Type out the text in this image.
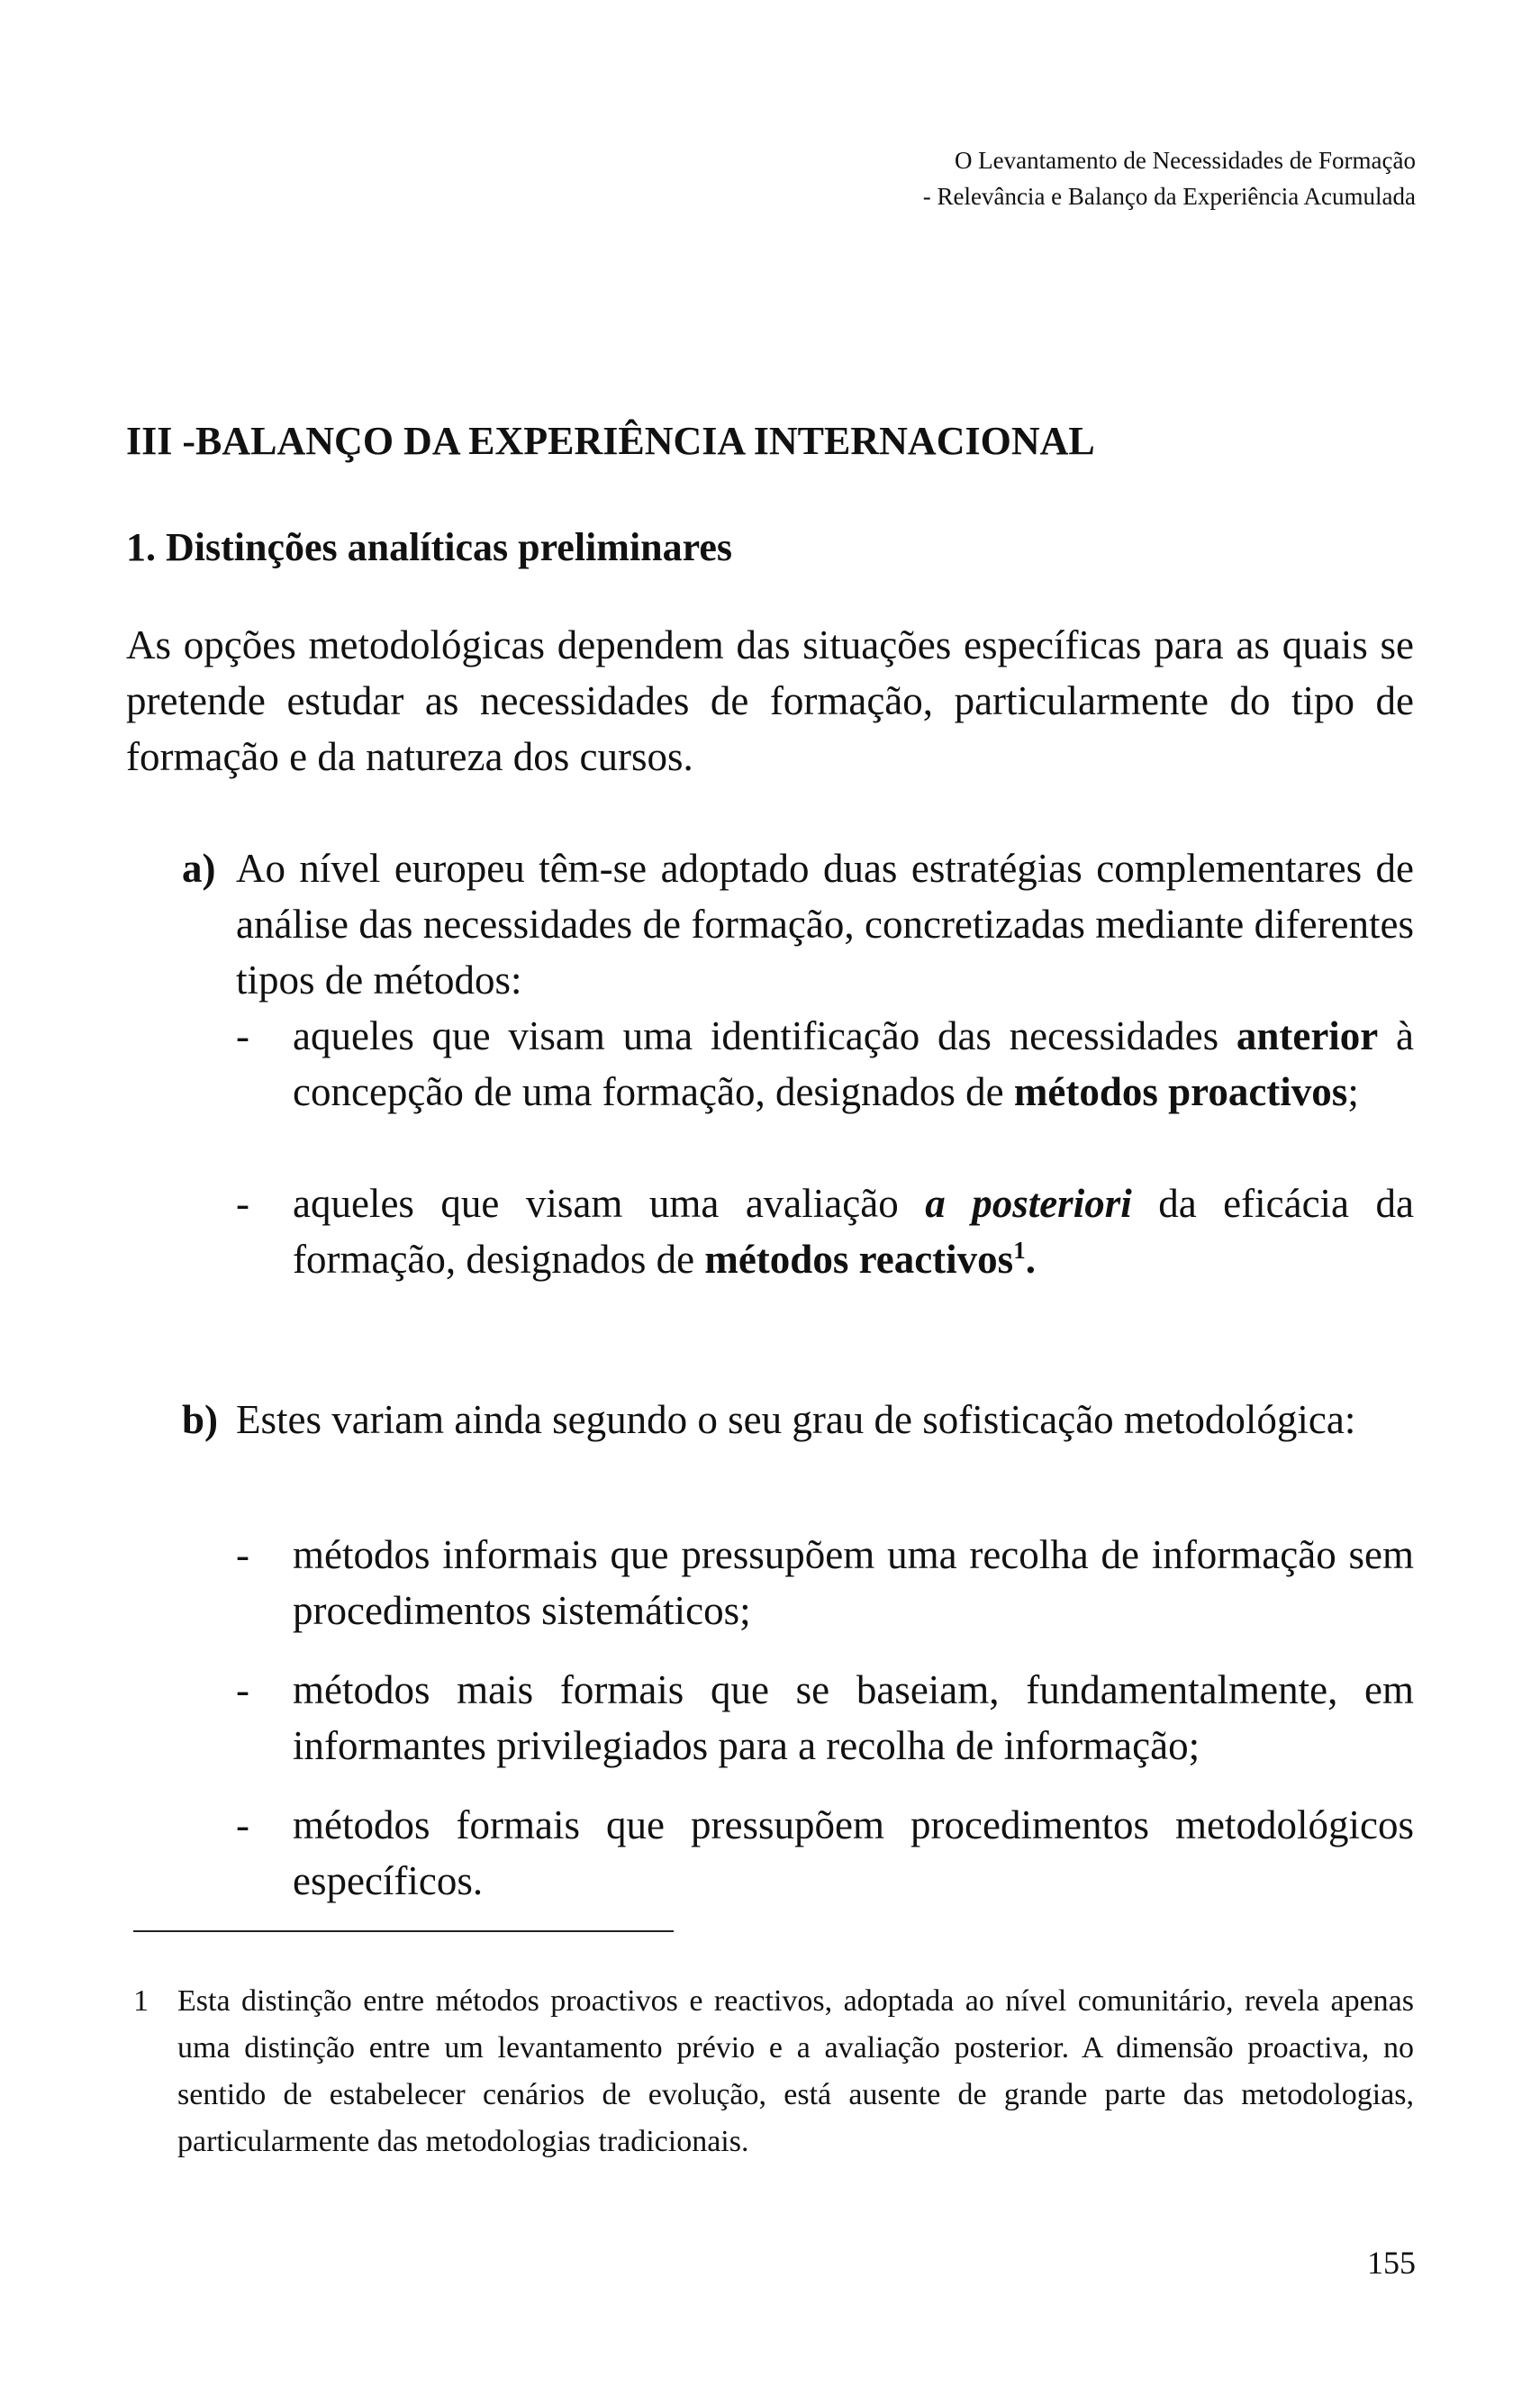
O Levantamento de Necessidades de Formação
- Relevância e Balanço da Experiência Acumulada
III -BALANÇO DA EXPERIÊNCIA INTERNACIONAL
1. Distinções analíticas preliminares

As opções metodológicas dependem das situações específicas para as quais se pretende estudar as necessidades de formação, particularmente do tipo de formação e da natureza dos cursos.

a) Ao nível europeu têm-se adoptado duas estratégias complementares de análise das necessidades de formação, concretizadas mediante diferentes tipos de métodos:

- aqueles que visam uma identificação das necessidades anterior à concepção de uma formação, designados de métodos proactivos;

- aqueles que visam uma avaliação a posteriori da eficácia da formação, designados de métodos reactivos$^1$.

b) Estes variam ainda segundo o seu grau de sofisticação metodológica:

- métodos informais que pressupõem uma recolha de informação sem procedimentos sistemáticos;

- métodos mais formais que se baseiam, fundamentalmente, em informantes privilegiados para a recolha de informação;

- métodos formais que pressupõem procedimentos metodológicos específicos.

1 Esta distinção entre métodos proactivos e reactivos, adoptada ao nível comunitário, revela apenas uma distinção entre um levantamento prévio e a avaliação posterior. A dimensão proactiva, no sentido de estabelecer cenários de evolução, está ausente de grande parte das metodologias, particularmente das metodologias tradicionais.

155
